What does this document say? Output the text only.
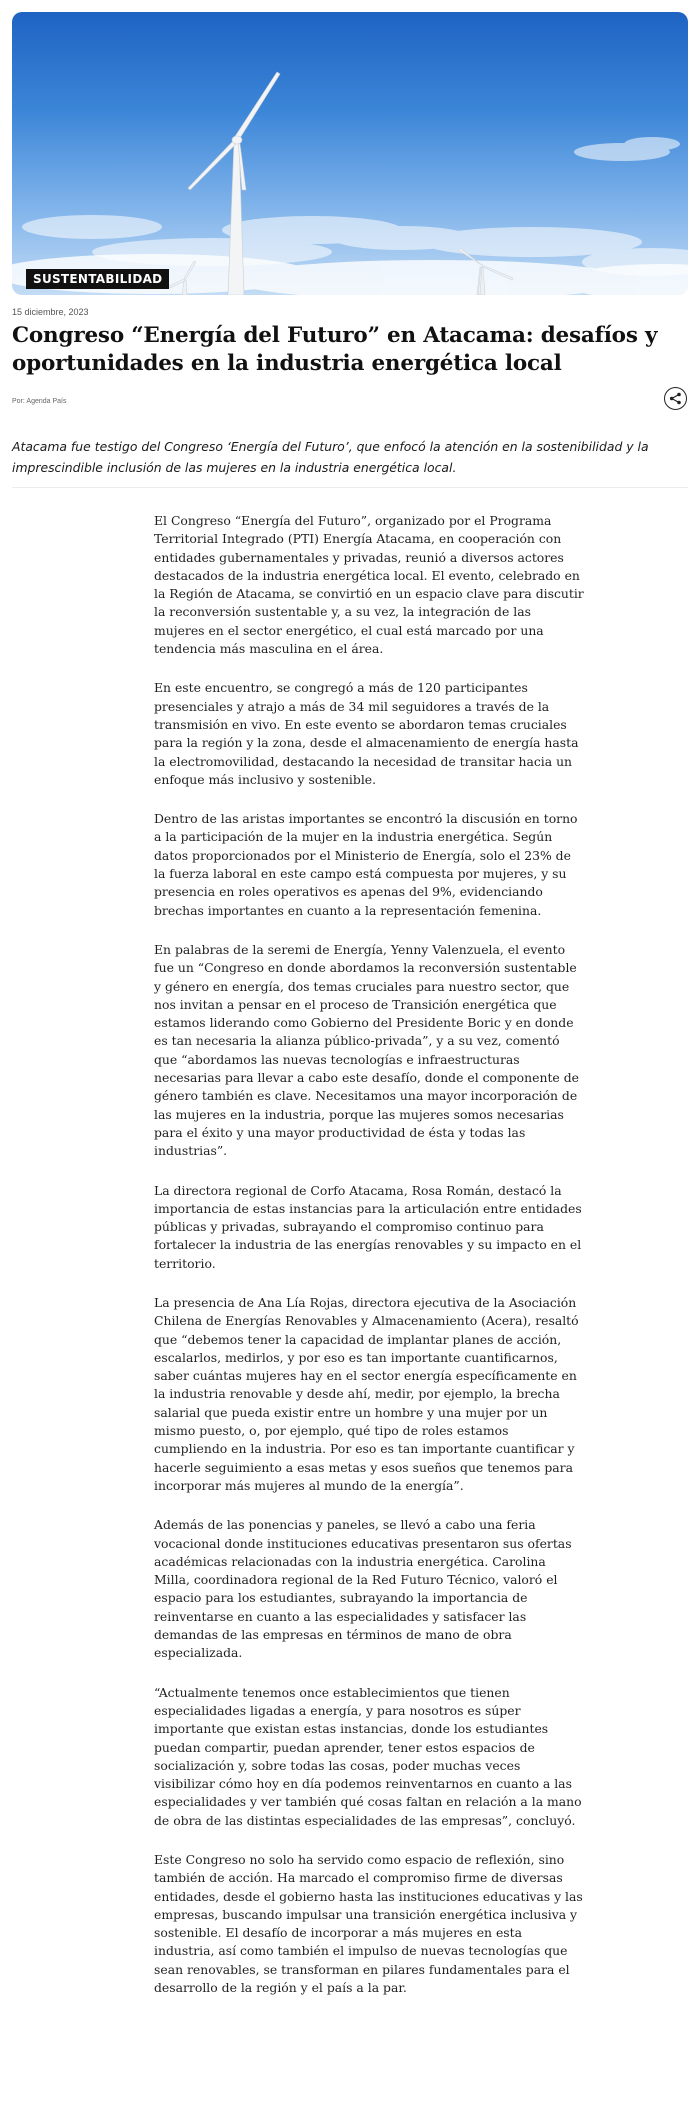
SUSTENTABILIDAD
15 diciembre, 2023
Congreso “Energía del Futuro” en Atacama: desafíos y oportunidades en la industria energética local
Por: Agenda País

Atacama fue testigo del Congreso ‘Energía del Futuro’, que enfocó la atención en la sostenibilidad y la imprescindible inclusión de las mujeres en la industria energética local.

El Congreso “Energía del Futuro”, organizado por el Programa Territorial Integrado (PTI) Energía Atacama, en cooperación con entidades gubernamentales y privadas, reunió a diversos actores destacados de la industria energética local. El evento, celebrado en la Región de Atacama, se convirtió en un espacio clave para discutir la reconversión sustentable y, a su vez, la integración de las mujeres en el sector energético, el cual está marcado por una tendencia más masculina en el área.

En este encuentro, se congregó a más de 120 participantes presenciales y atrajo a más de 34 mil seguidores a través de la transmisión en vivo. En este evento se abordaron temas cruciales para la región y la zona, desde el almacenamiento de energía hasta la electromovilidad, destacando la necesidad de transitar hacia un enfoque más inclusivo y sostenible.

Dentro de las aristas importantes se encontró la discusión en torno a la participación de la mujer en la industria energética. Según datos proporcionados por el Ministerio de Energía, solo el 23% de la fuerza laboral en este campo está compuesta por mujeres, y su presencia en roles operativos es apenas del 9%, evidenciando brechas importantes en cuanto a la representación femenina.

En palabras de la seremi de Energía, Yenny Valenzuela, el evento fue un “Congreso en donde abordamos la reconversión sustentable y género en energía, dos temas cruciales para nuestro sector, que nos invitan a pensar en el proceso de Transición energética que estamos liderando como Gobierno del Presidente Boric y en donde es tan necesaria la alianza público-privada”, y a su vez, comentó que “abordamos las nuevas tecnologías e infraestructuras necesarias para llevar a cabo este desafío, donde el componente de género también es clave. Necesitamos una mayor incorporación de las mujeres en la industria, porque las mujeres somos necesarias para el éxito y una mayor productividad de ésta y todas las industrias”.

La directora regional de Corfo Atacama, Rosa Román, destacó la importancia de estas instancias para la articulación entre entidades públicas y privadas, subrayando el compromiso continuo para fortalecer la industria de las energías renovables y su impacto en el territorio.

La presencia de Ana Lía Rojas, directora ejecutiva de la Asociación Chilena de Energías Renovables y Almacenamiento (Acera), resaltó que “debemos tener la capacidad de implantar planes de acción, escalarlos, medirlos, y por eso es tan importante cuantificarnos, saber cuántas mujeres hay en el sector energía específicamente en la industria renovable y desde ahí, medir, por ejemplo, la brecha salarial que pueda existir entre un hombre y una mujer por un mismo puesto, o, por ejemplo, qué tipo de roles estamos cumpliendo en la industria. Por eso es tan importante cuantificar y hacerle seguimiento a esas metas y esos sueños que tenemos para incorporar más mujeres al mundo de la energía”.

Además de las ponencias y paneles, se llevó a cabo una feria vocacional donde instituciones educativas presentaron sus ofertas académicas relacionadas con la industria energética. Carolina Milla, coordinadora regional de la Red Futuro Técnico, valoró el espacio para los estudiantes, subrayando la importancia de reinventarse en cuanto a las especialidades y satisfacer las demandas de las empresas en términos de mano de obra especializada.

“Actualmente tenemos once establecimientos que tienen especialidades ligadas a energía, y para nosotros es súper importante que existan estas instancias, donde los estudiantes puedan compartir, puedan aprender, tener estos espacios de socialización y, sobre todas las cosas, poder muchas veces visibilizar cómo hoy en día podemos reinventarnos en cuanto a las especialidades y ver también qué cosas faltan en relación a la mano de obra de las distintas especialidades de las empresas”, concluyó.

Este Congreso no solo ha servido como espacio de reflexión, sino también de acción. Ha marcado el compromiso firme de diversas entidades, desde el gobierno hasta las instituciones educativas y las empresas, buscando impulsar una transición energética inclusiva y sostenible. El desafío de incorporar a más mujeres en esta industria, así como también el impulso de nuevas tecnologías que sean renovables, se transforman en pilares fundamentales para el desarrollo de la región y el país a la par.
